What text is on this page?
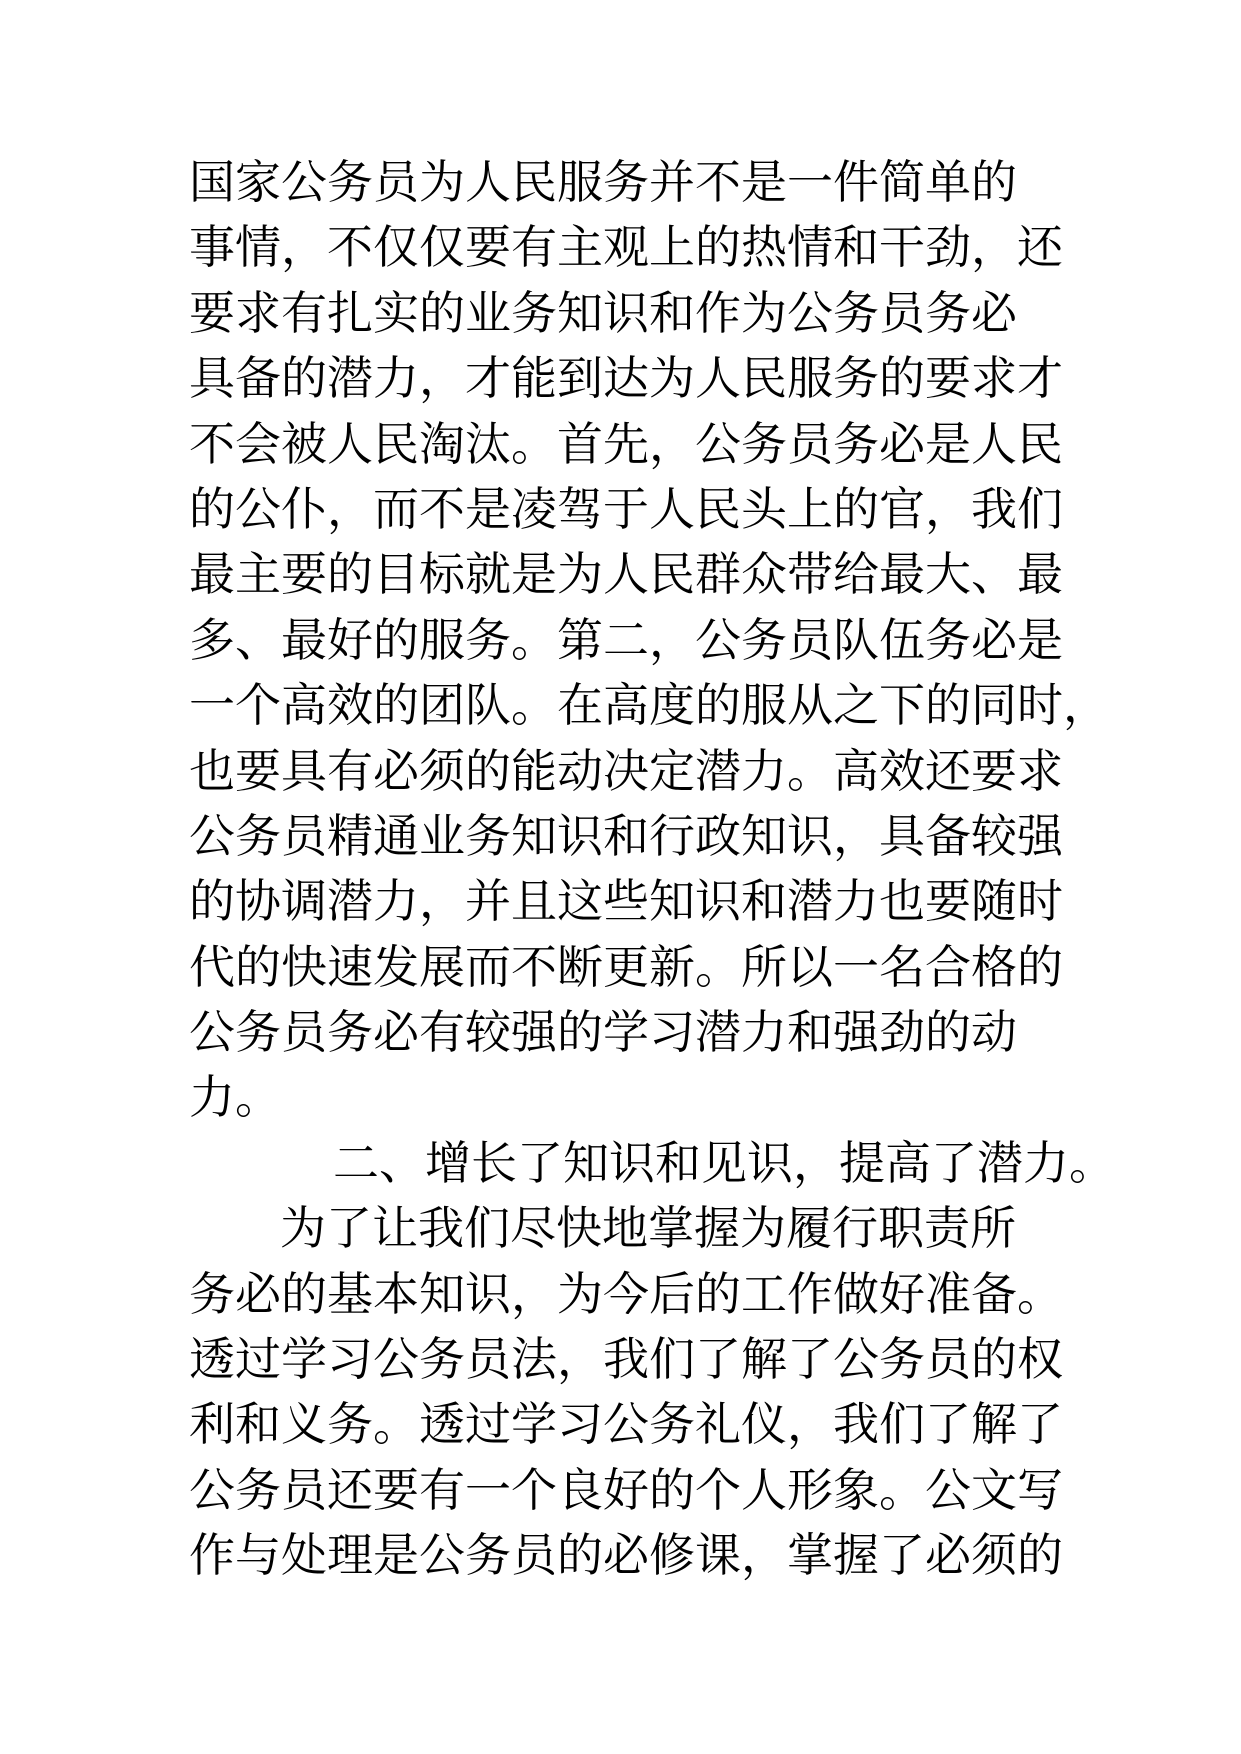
国家公务员为人民服务并不是一件简单的
事情，不仅仅要有主观上的热情和干劲，还
要求有扎实的业务知识和作为公务员务必
具备的潜力，才能到达为人民服务的要求才
不会被人民淘汰。首先，公务员务必是人民
的公仆，而不是凌驾于人民头上的官，我们
最主要的目标就是为人民群众带给最大、最
多、最好的服务。第二，公务员队伍务必是
一个高效的团队。在高度的服从之下的同时，
也要具有必须的能动决定潜力。高效还要求
公务员精通业务知识和行政知识，具备较强
的协调潜力，并且这些知识和潜力也要随时
代的快速发展而不断更新。所以一名合格的
公务员务必有较强的学习潜力和强劲的动
力。
二、增长了知识和见识，提高了潜力。
为了让我们尽快地掌握为履行职责所
务必的基本知识，为今后的工作做好准备。
透过学习公务员法，我们了解了公务员的权
利和义务。透过学习公务礼仪，我们了解了
公务员还要有一个良好的个人形象。公文写
作与处理是公务员的必修课，掌握了必须的
